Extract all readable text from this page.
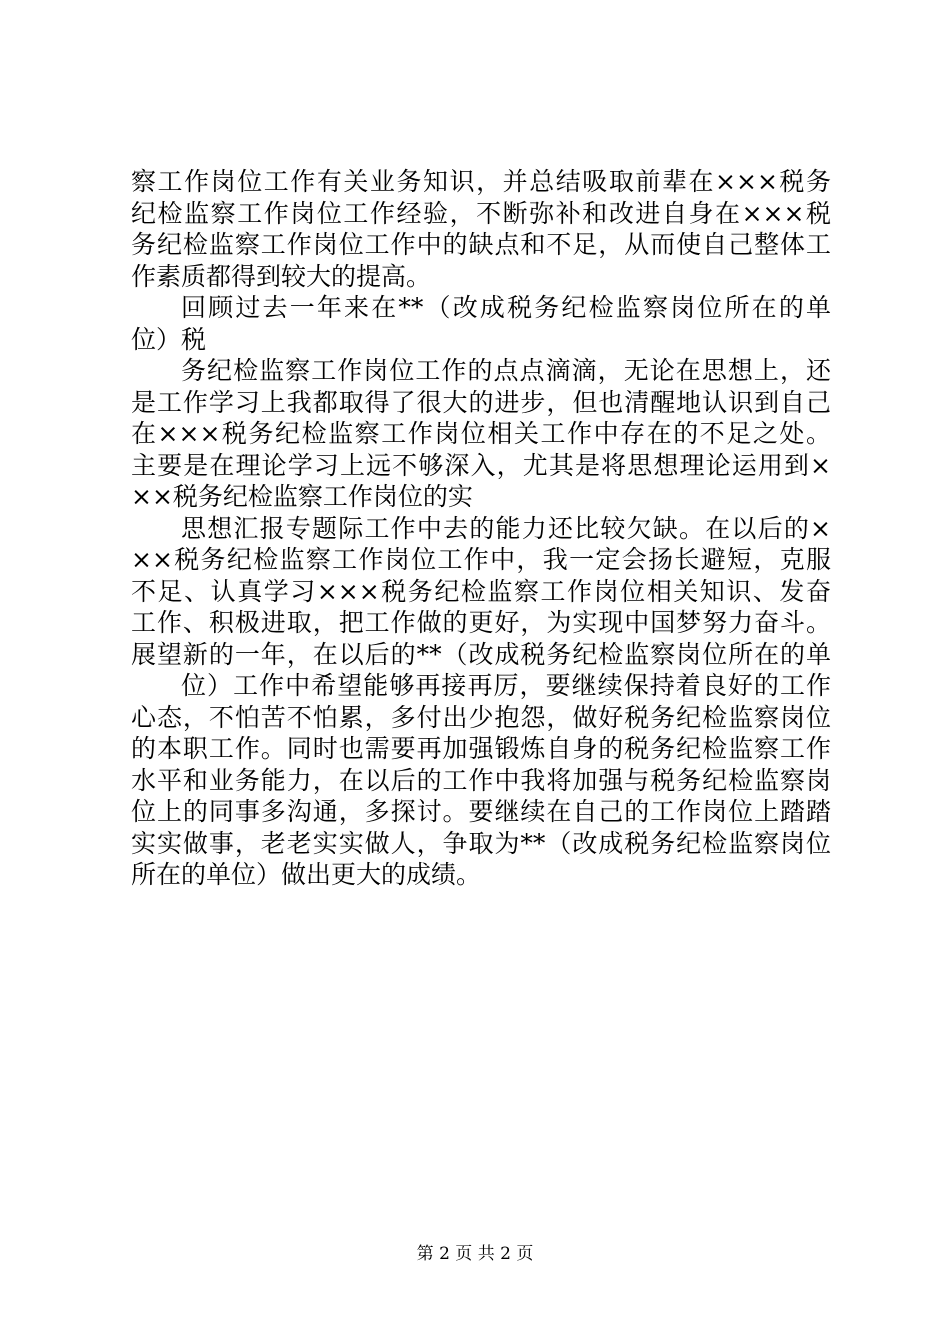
察工作岗位工作有关业务知识，并总结吸取前辈在×××税务
纪检监察工作岗位工作经验，不断弥补和改进自身在×××税
务纪检监察工作岗位工作中的缺点和不足，从而使自己整体工
作素质都得到较大的提高。
回顾过去一年来在**（改成税务纪检监察岗位所在的单
位）税
务纪检监察工作岗位工作的点点滴滴，无论在思想上，还
是工作学习上我都取得了很大的进步，但也清醒地认识到自己
在×××税务纪检监察工作岗位相关工作中存在的不足之处。
主要是在理论学习上远不够深入，尤其是将思想理论运用到×
××税务纪检监察工作岗位的实
思想汇报专题际工作中去的能力还比较欠缺。在以后的×
××税务纪检监察工作岗位工作中，我一定会扬长避短，克服
不足、认真学习×××税务纪检监察工作岗位相关知识、发奋
工作、积极进取，把工作做的更好，为实现中国梦努力奋斗。
展望新的一年，在以后的**（改成税务纪检监察岗位所在的单
位）工作中希望能够再接再厉，要继续保持着良好的工作
心态，不怕苦不怕累，多付出少抱怨，做好税务纪检监察岗位
的本职工作。同时也需要再加强锻炼自身的税务纪检监察工作
水平和业务能力，在以后的工作中我将加强与税务纪检监察岗
位上的同事多沟通，多探讨。要继续在自己的工作岗位上踏踏
实实做事，老老实实做人，争取为**（改成税务纪检监察岗位
所在的单位）做出更大的成绩。
第 2 页 共 2 页
